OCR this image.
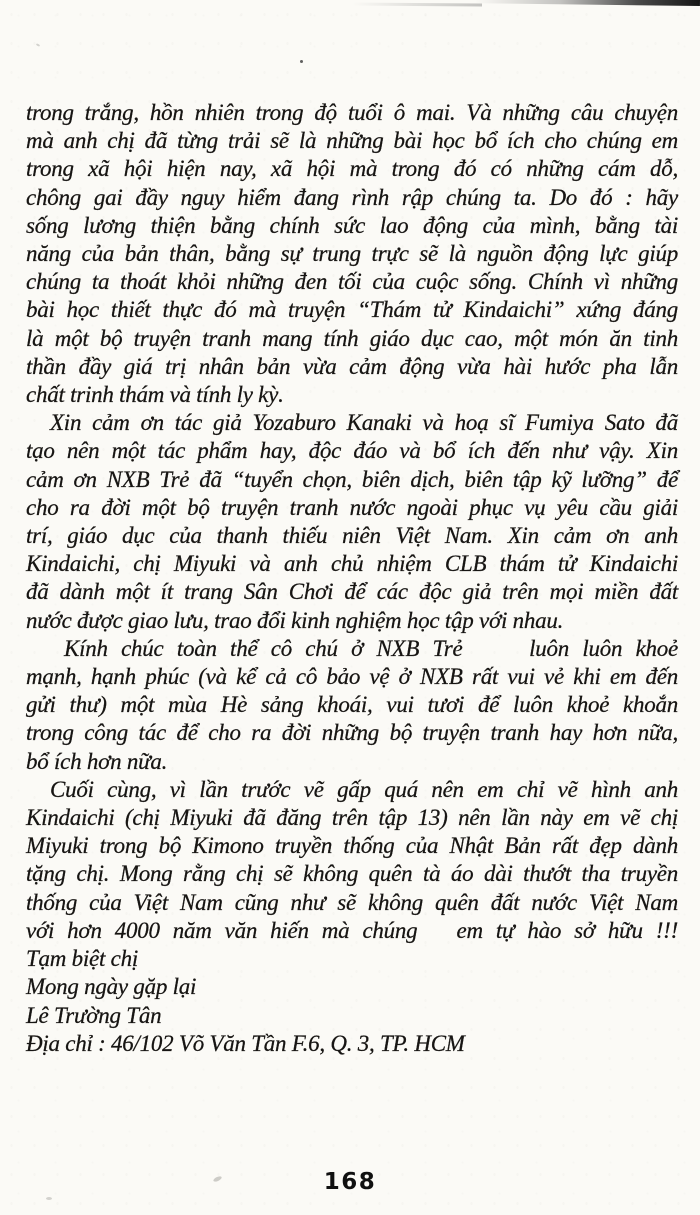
trong trắng, hồn nhiên trong độ tuổi ô mai. Và những câu chuyện
mà anh chị đã từng trải sẽ là những bài học bổ ích cho chúng em
trong xã hội hiện nay, xã hội mà trong đó có những cám dỗ,
chông gai đầy nguy hiểm đang rình rập chúng ta. Do đó : hãy
sống lương thiện bằng chính sức lao động của mình, bằng tài
năng của bản thân, bằng sự trung trực sẽ là nguồn động lực giúp
chúng ta thoát khỏi những đen tối của cuộc sống. Chính vì những
bài học thiết thực đó mà truyện “Thám tử Kindaichi” xứng đáng
là một bộ truyện tranh mang tính giáo dục cao, một món ăn tinh
thần đầy giá trị nhân bản vừa cảm động vừa hài hước pha lẫn
chất trinh thám và tính ly kỳ.
Xin cảm ơn tác giả Yozaburo Kanaki và hoạ sĩ Fumiya Sato đã
tạo nên một tác phẩm hay, độc đáo và bổ ích đến như vậy. Xin
cảm ơn NXB Trẻ đã “tuyển chọn, biên dịch, biên tập kỹ lưỡng” để
cho ra đời một bộ truyện tranh nước ngoài phục vụ yêu cầu giải
trí, giáo dục của thanh thiếu niên Việt Nam. Xin cảm ơn anh
Kindaichi, chị Miyuki và anh chủ nhiệm CLB thám tử Kindaichi
đã dành một ít trang Sân Chơi để các độc giả trên mọi miền đất
nước được giao lưu, trao đổi kinh nghiệm học tập với nhau.
Kính chúc toàn thể cô chú ở NXB Trẻ     luôn luôn khoẻ
mạnh, hạnh phúc (và kể cả cô bảo vệ ở NXB rất vui vẻ khi em đến
gửi thư) một mùa Hè sảng khoái, vui tươi để luôn khoẻ khoắn
trong công tác để cho ra đời những bộ truyện tranh hay hơn nữa,
bổ ích hơn nữa.
Cuối cùng, vì lần trước vẽ gấp quá nên em chỉ vẽ hình anh
Kindaichi (chị Miyuki đã đăng trên tập 13) nên lần này em vẽ chị
Miyuki trong bộ Kimono truyền thống của Nhật Bản rất đẹp dành
tặng chị. Mong rằng chị sẽ không quên tà áo dài thướt tha truyền
thống của Việt Nam cũng như sẽ không quên đất nước Việt Nam
với hơn 4000 năm văn hiến mà chúng   em tự hào sở hữu !!!
Tạm biệt chị
Mong ngày gặp lại
Lê Trường Tân
Địa chỉ : 46/102 Võ Văn Tần F.6, Q. 3, TP. HCM
168
